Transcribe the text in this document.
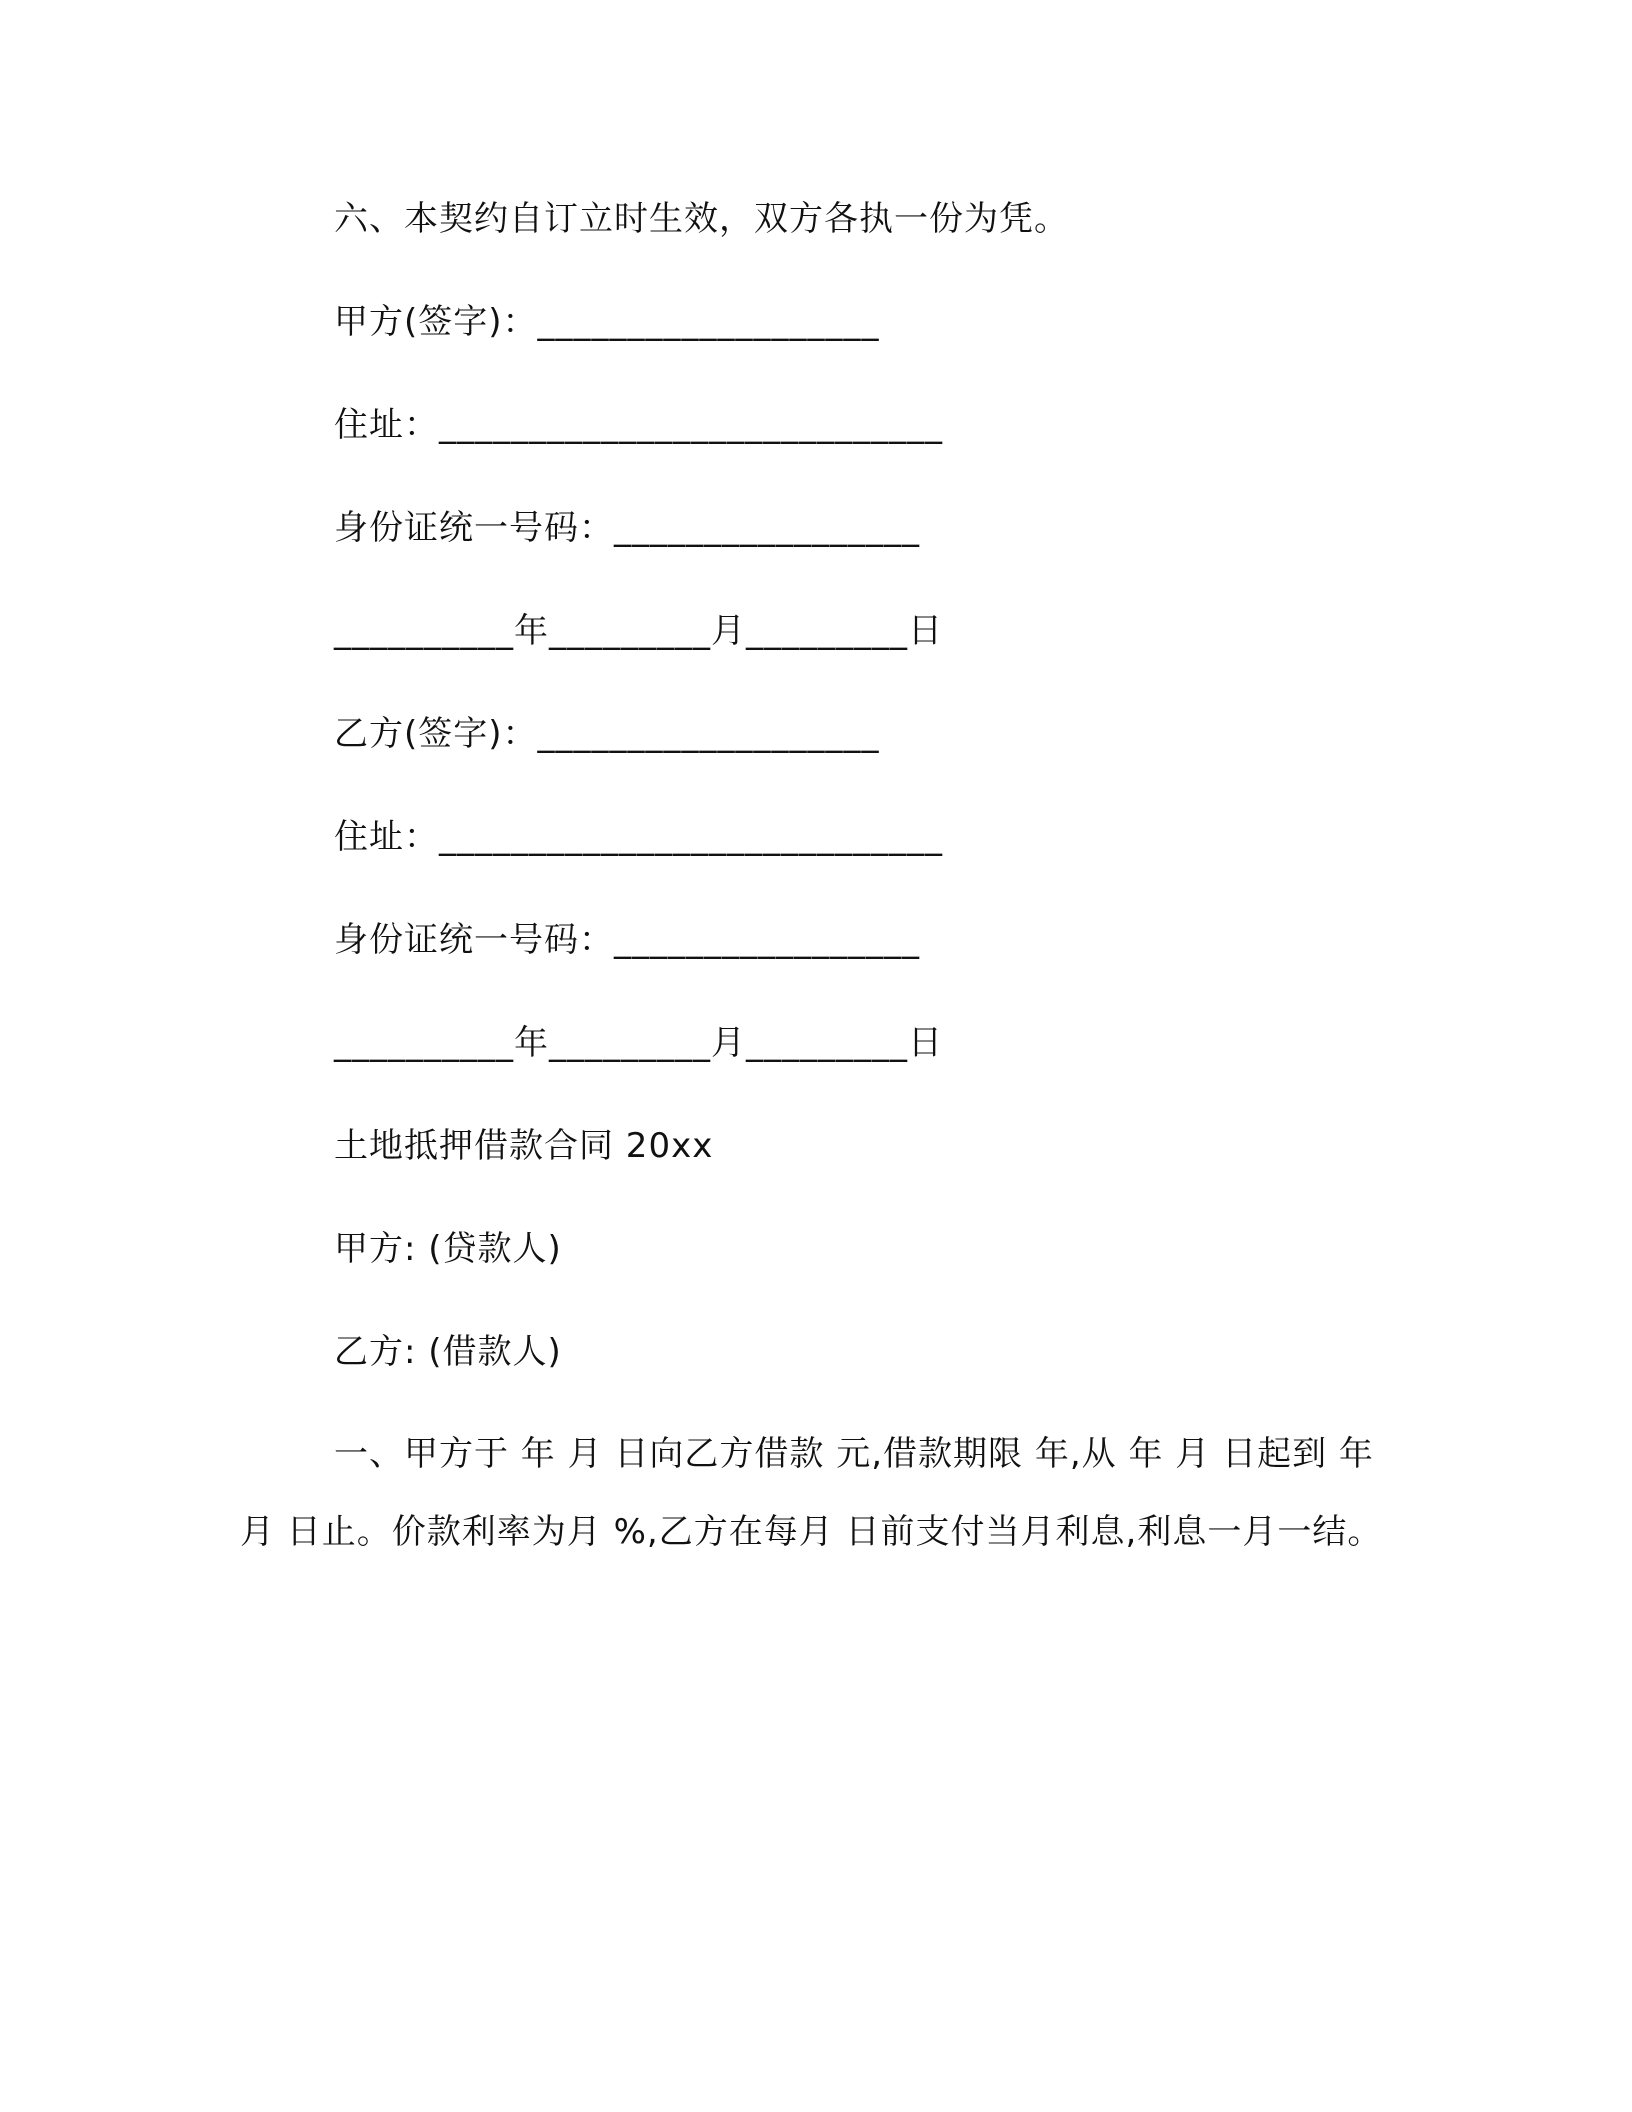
六、本契约自订立时生效，双方各执一份为凭。
甲方(签字)：___________________
住址：____________________________
身份证统一号码：_________________
__________年_________月_________日
乙方(签字)：___________________
住址：____________________________
身份证统一号码：_________________
__________年_________月_________日
土地抵押借款合同 20xx
甲方: (贷款人)
乙方: (借款人)
一、甲方于 年 月 日向乙方借款 元,借款期限 年,从 年 月 日起到 年 月 日止。价款利率为月 %,乙方在每月 日前支付当月利息,利息一月一结。
